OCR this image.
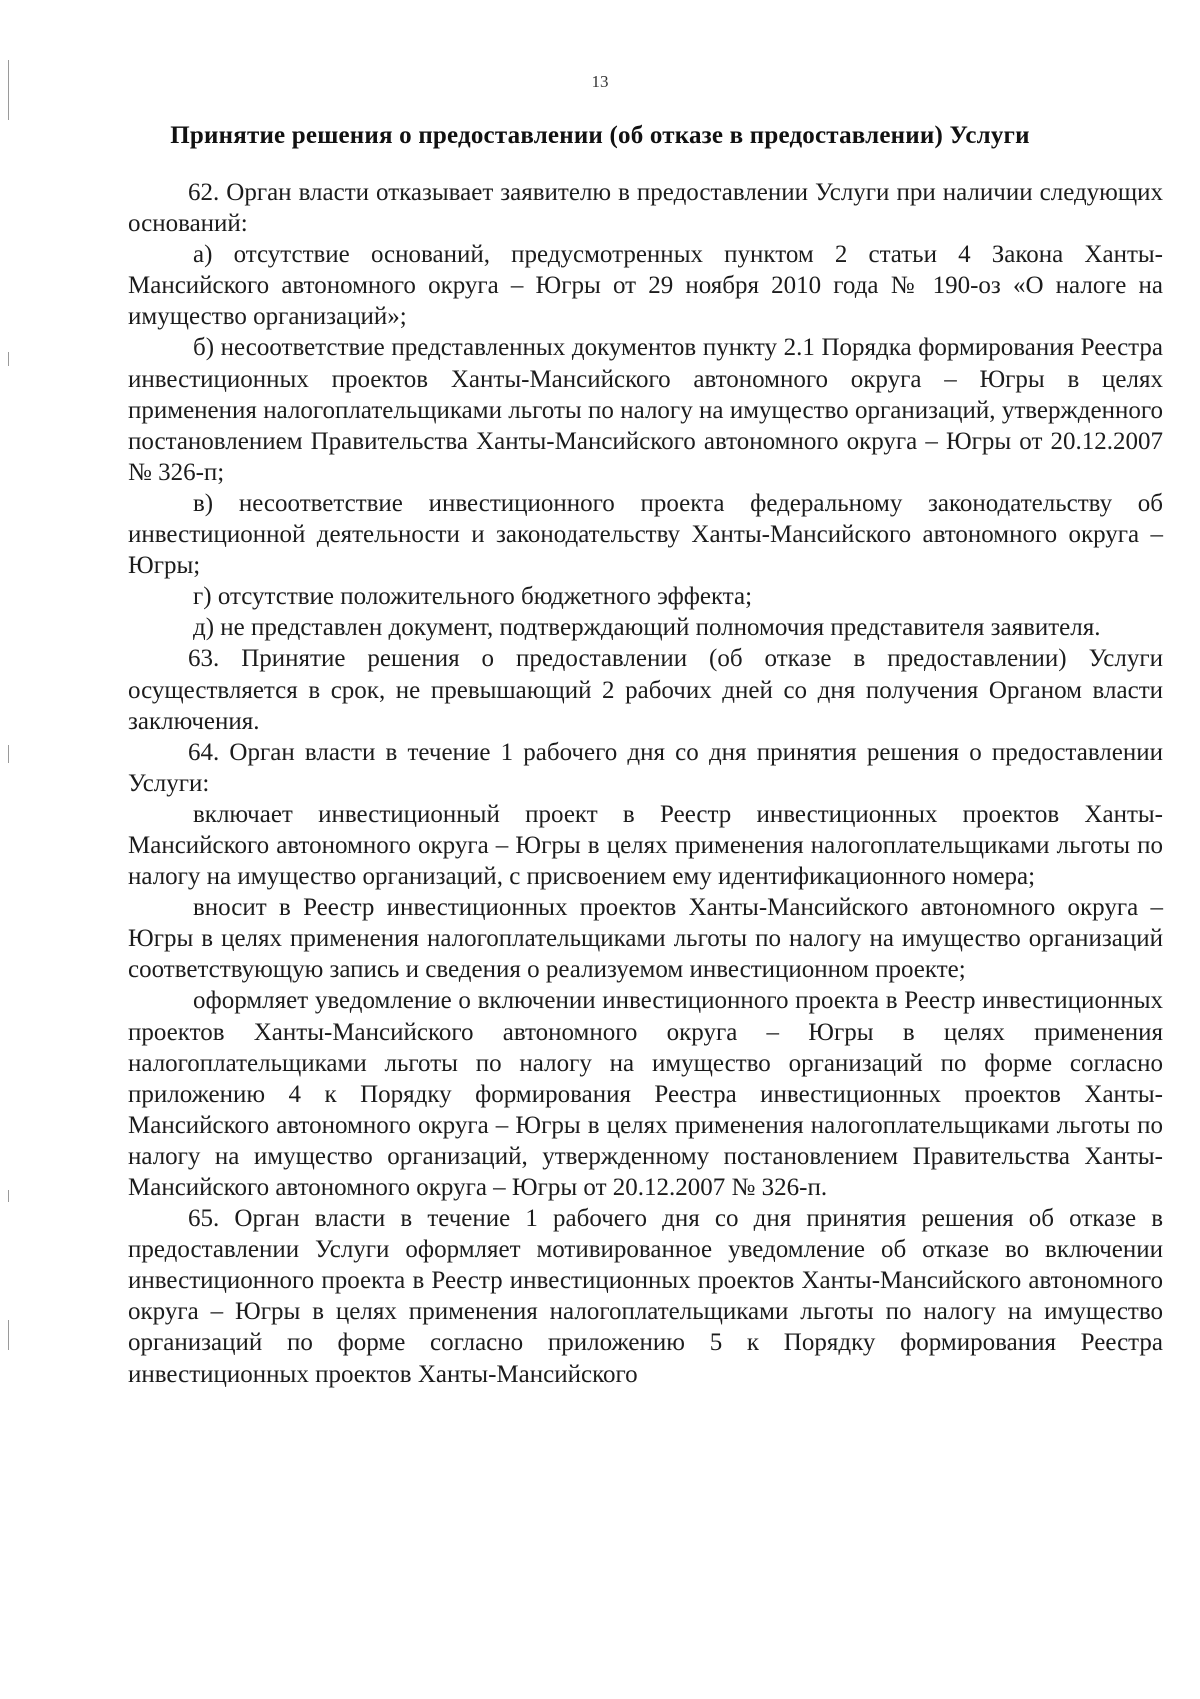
13
Принятие решения о предоставлении (об отказе в предоставлении) Услуги

62. Орган власти отказывает заявителю в предоставлении Услуги при наличии следующих оснований:

а) отсутствие оснований, предусмотренных пунктом 2 статьи 4 Закона Ханты-Мансийского автономного округа – Югры от 29 ноября 2010 года № 190-оз «О налоге на имущество организаций»;

б) несоответствие представленных документов пункту 2.1 Порядка формирования Реестра инвестиционных проектов Ханты-Мансийского автономного округа – Югры в целях применения налогоплательщиками льготы по налогу на имущество организаций, утвержденного постановлением Правительства Ханты-Мансийского автономного округа – Югры от 20.12.2007 № 326-п;

в) несоответствие инвестиционного проекта федеральному законодательству об инвестиционной деятельности и законодательству Ханты-Мансийского автономного округа – Югры;

г) отсутствие положительного бюджетного эффекта;

д) не представлен документ, подтверждающий полномочия представителя заявителя.

63. Принятие решения о предоставлении (об отказе в предоставлении) Услуги осуществляется в срок, не превышающий 2 рабочих дней со дня получения Органом власти заключения.

64. Орган власти в течение 1 рабочего дня со дня принятия решения о предоставлении Услуги:

включает инвестиционный проект в Реестр инвестиционных проектов Ханты-Мансийского автономного округа – Югры в целях применения налогоплательщиками льготы по налогу на имущество организаций, с присвоением ему идентификационного номера;

вносит в Реестр инвестиционных проектов Ханты-Мансийского автономного округа – Югры в целях применения налогоплательщиками льготы по налогу на имущество организаций соответствующую запись и сведения о реализуемом инвестиционном проекте;

оформляет уведомление о включении инвестиционного проекта в Реестр инвестиционных проектов Ханты-Мансийского автономного округа – Югры в целях применения налогоплательщиками льготы по налогу на имущество организаций по форме согласно приложению 4 к Порядку формирования Реестра инвестиционных проектов Ханты-Мансийского автономного округа – Югры в целях применения налогоплательщиками льготы по налогу на имущество организаций, утвержденному постановлением Правительства Ханты-Мансийского автономного округа – Югры от 20.12.2007 № 326-п.

65. Орган власти в течение 1 рабочего дня со дня принятия решения об отказе в предоставлении Услуги оформляет мотивированное уведомление об отказе во включении инвестиционного проекта в Реестр инвестиционных проектов Ханты-Мансийского автономного округа – Югры в целях применения налогоплательщиками льготы по налогу на имущество организаций по форме согласно приложению 5 к Порядку формирования Реестра инвестиционных проектов Ханты-Мансийского
